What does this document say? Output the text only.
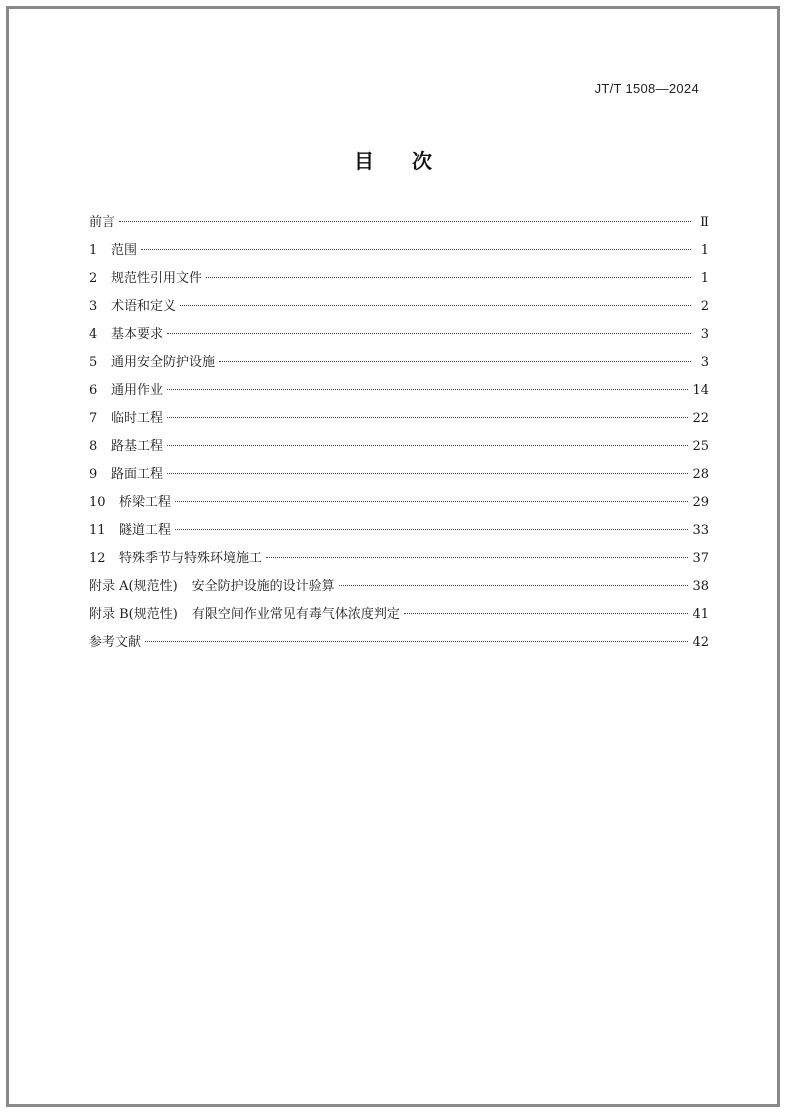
JT/T 1508—2024
目次
前言	Ⅱ
1	范围	1
2	规范性引用文件	1
3	术语和定义	2
4	基本要求	3
5	通用安全防护设施	3
6	通用作业	14
7	临时工程	22
8	路基工程	25
9	路面工程	28
10	桥梁工程	29
11	隧道工程	33
12	特殊季节与特殊环境施工	37
附录 A(规范性) 安全防护设施的设计验算	38
附录 B(规范性) 有限空间作业常见有毒气体浓度判定	41
参考文献	42
